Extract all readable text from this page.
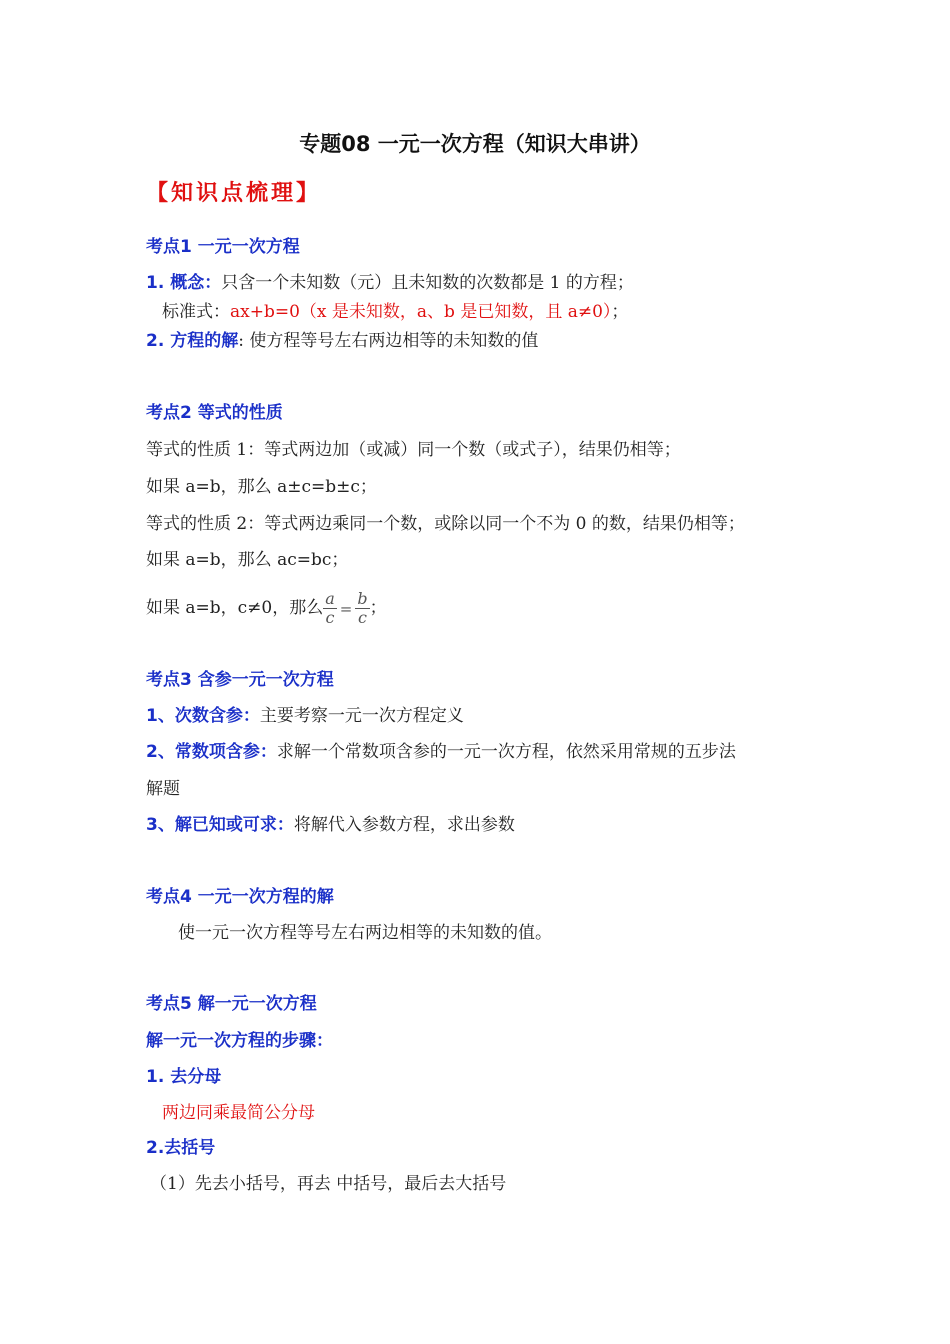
专题08 一元一次方程（知识大串讲）
【知识点梳理】
考点1 一元一次方程
1. 概念：只含一个未知数（元）且未知数的次数都是 1 的方程；
标准式：ax+b=0（x 是未知数，a、b 是已知数，且 a≠0）；
2. 方程的解: 使方程等号左右两边相等的未知数的值
考点2 等式的性质
等式的性质 1：等式两边加（或减）同一个数（或式子），结果仍相等；
如果 a=b，那么 a±c=b±c；
等式的性质 2：等式两边乘同一个数，或除以同一个不为 0 的数，结果仍相等；
如果 a=b，那么 ac=bc；
如果 a=b，c≠0，那么 $\frac{a}{c} = \frac{b}{c}$ ；
考点3 含参一元一次方程
1、次数含参：主要考察一元一次方程定义
2、常数项含参：求解一个常数项含参的一元一次方程，依然采用常规的五步法
解题
3、解已知或可求：将解代入参数方程，求出参数
考点4 一元一次方程的解
使一元一次方程等号左右两边相等的未知数的值。
考点5 解一元一次方程
解一元一次方程的步骤：
1. 去分母
两边同乘最简公分母
2.去括号
（1）先去小括号，再去 中括号，最后去大括号
